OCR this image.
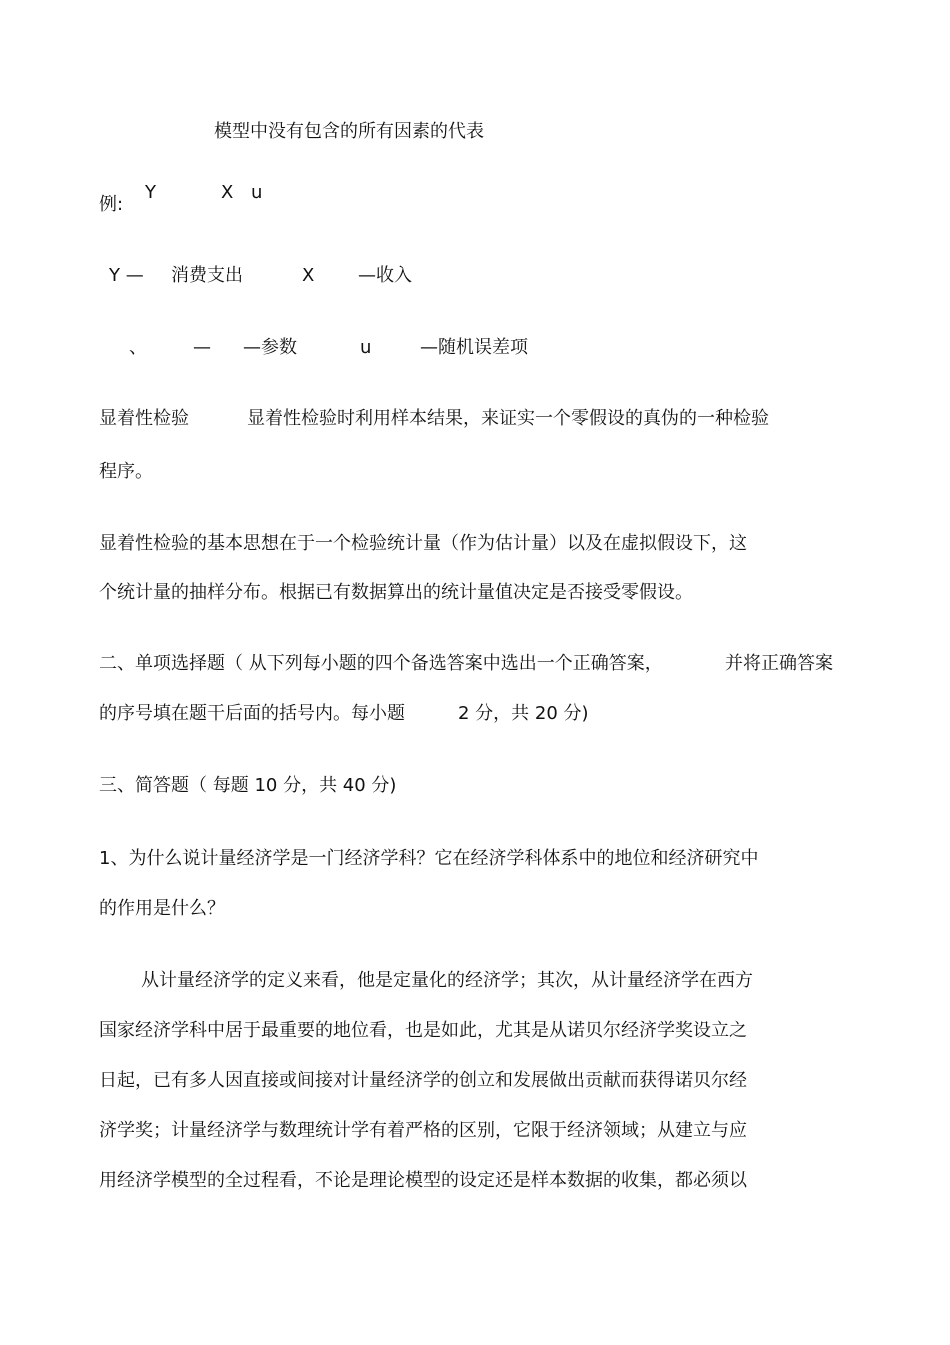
模型中没有包含的所有因素的代表
例:
Y	X u
Y — 消费支出	X —收入
、	— —参数	u	—随机误差项
显着性检验	显着性检验时利用样本结果，来证实一个零假设的真伪的一种检验
程序。
显着性检验的基本思想在于一个检验统计量（作为估计量）以及在虚拟假设下，这
个统计量的抽样分布。根据已有数据算出的统计量值决定是否接受零假设。
二、单项选择题（ 从下列每小题的四个备选答案中选出一个正确答案，	并将正确答案
的序号填在题干后面的括号内。每小题	2 分，共 20 分)
三、简答题（ 每题 10 分，共 40 分)
1、为什么说计量经济学是一门经济学科？它在经济学科体系中的地位和经济研究中
的作用是什么？
从计量经济学的定义来看，他是定量化的经济学；其次，从计量经济学在西方
国家经济学科中居于最重要的地位看，也是如此，尤其是从诺贝尔经济学奖设立之
日起，已有多人因直接或间接对计量经济学的创立和发展做出贡献而获得诺贝尔经
济学奖；计量经济学与数理统计学有着严格的区别，它限于经济领域；从建立与应
用经济学模型的全过程看，不论是理论模型的设定还是样本数据的收集，都必须以
